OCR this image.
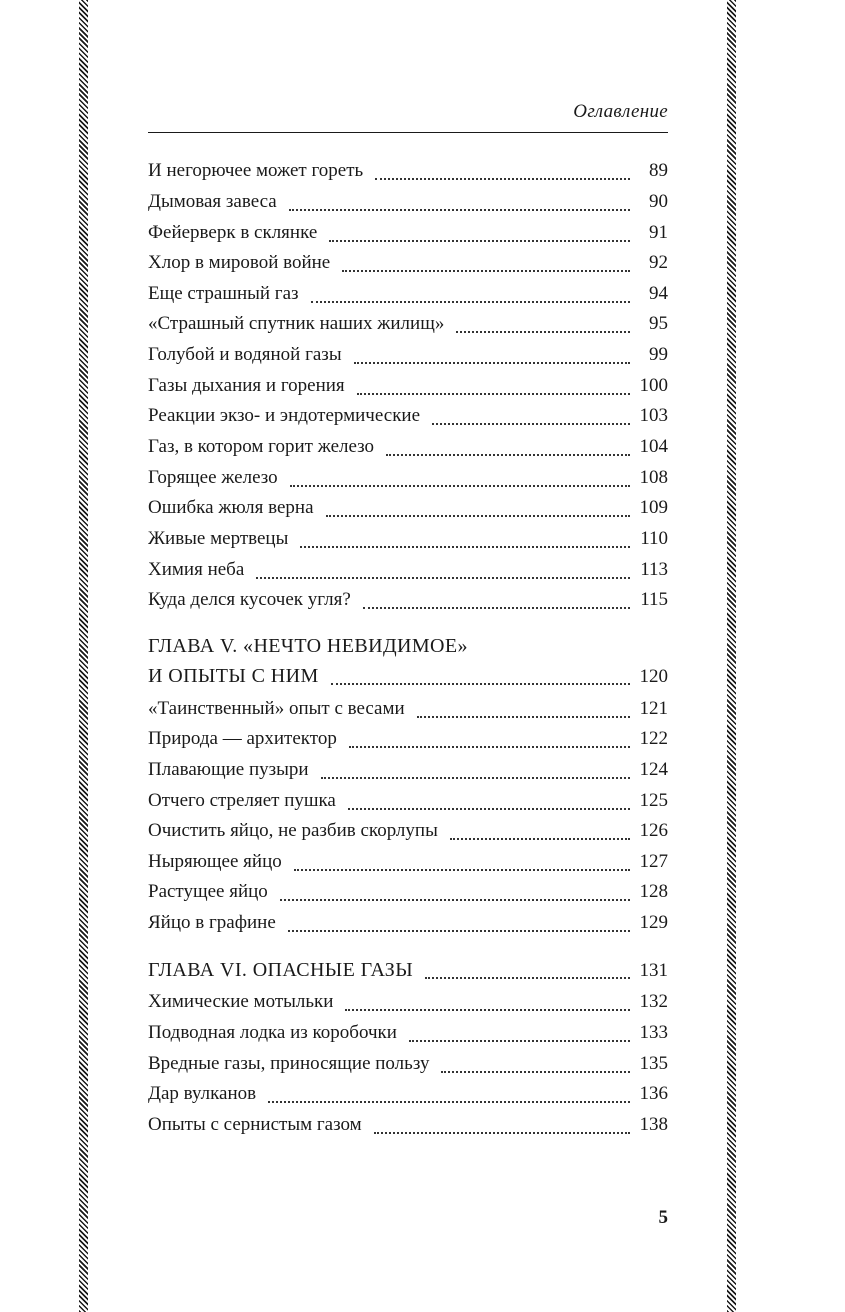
Оглавление
И негорючее может гореть	89
Дымовая завеса	90
Фейерверк в склянке	91
Хлор в мировой войне	92
Еще страшный газ	94
«Страшный спутник наших жилищ»	95
Голубой и водяной газы	99
Газы дыхания и горения	100
Реакции экзо- и эндотермические	103
Газ, в котором горит железо	104
Горящее железо	108
Ошибка жюля верна	109
Живые мертвецы	110
Химия неба	113
Куда делся кусочек угля?	115
ГЛАВА V. «НЕЧТО НЕВИДИМОЕ»
И ОПЫТЫ С НИМ	120
«Таинственный» опыт с весами	121
Природа — архитектор	122
Плавающие пузыри	124
Отчего стреляет пушка	125
Очистить яйцо, не разбив скорлупы	126
Ныряющее яйцо	127
Растущее яйцо	128
Яйцо в графине	129
ГЛАВА VI. ОПАСНЫЕ ГАЗЫ	131
Химические мотыльки	132
Подводная лодка из коробочки	133
Вредные газы, приносящие пользу	135
Дар вулканов	136
Опыты с сернистым газом	138
5
